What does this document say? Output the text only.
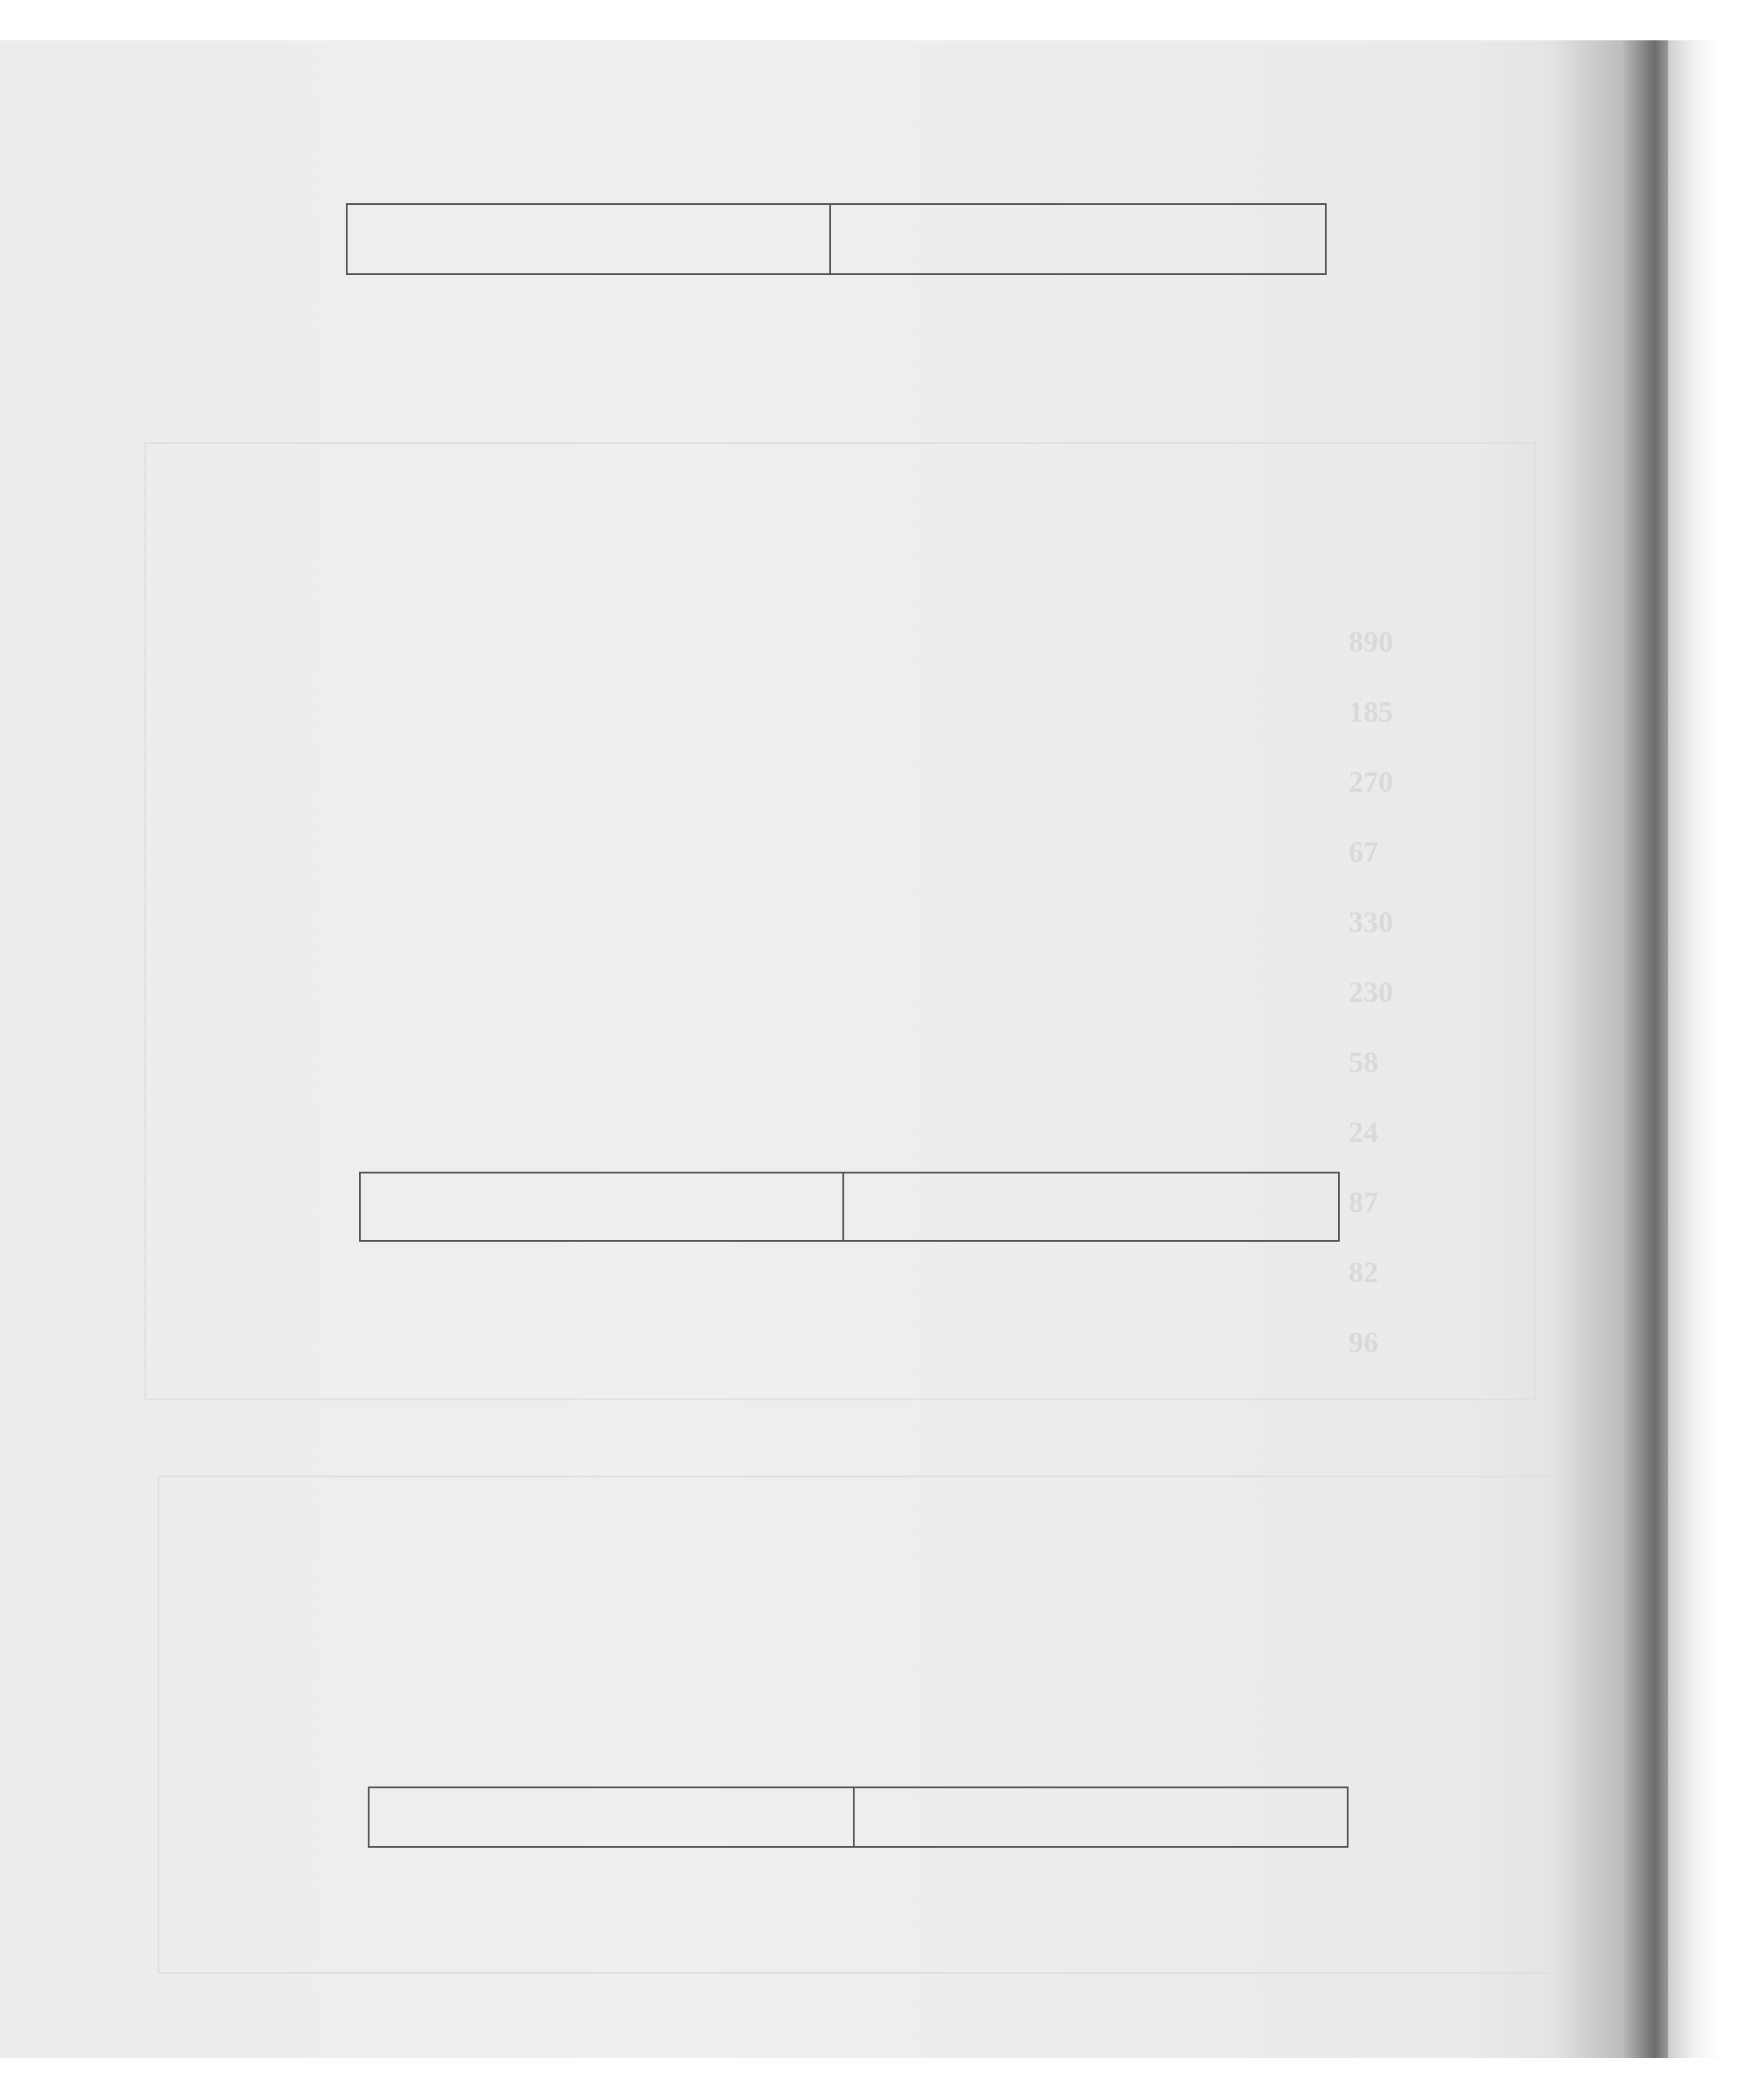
890
185
270
67
330
230
58
24
87
82
96
